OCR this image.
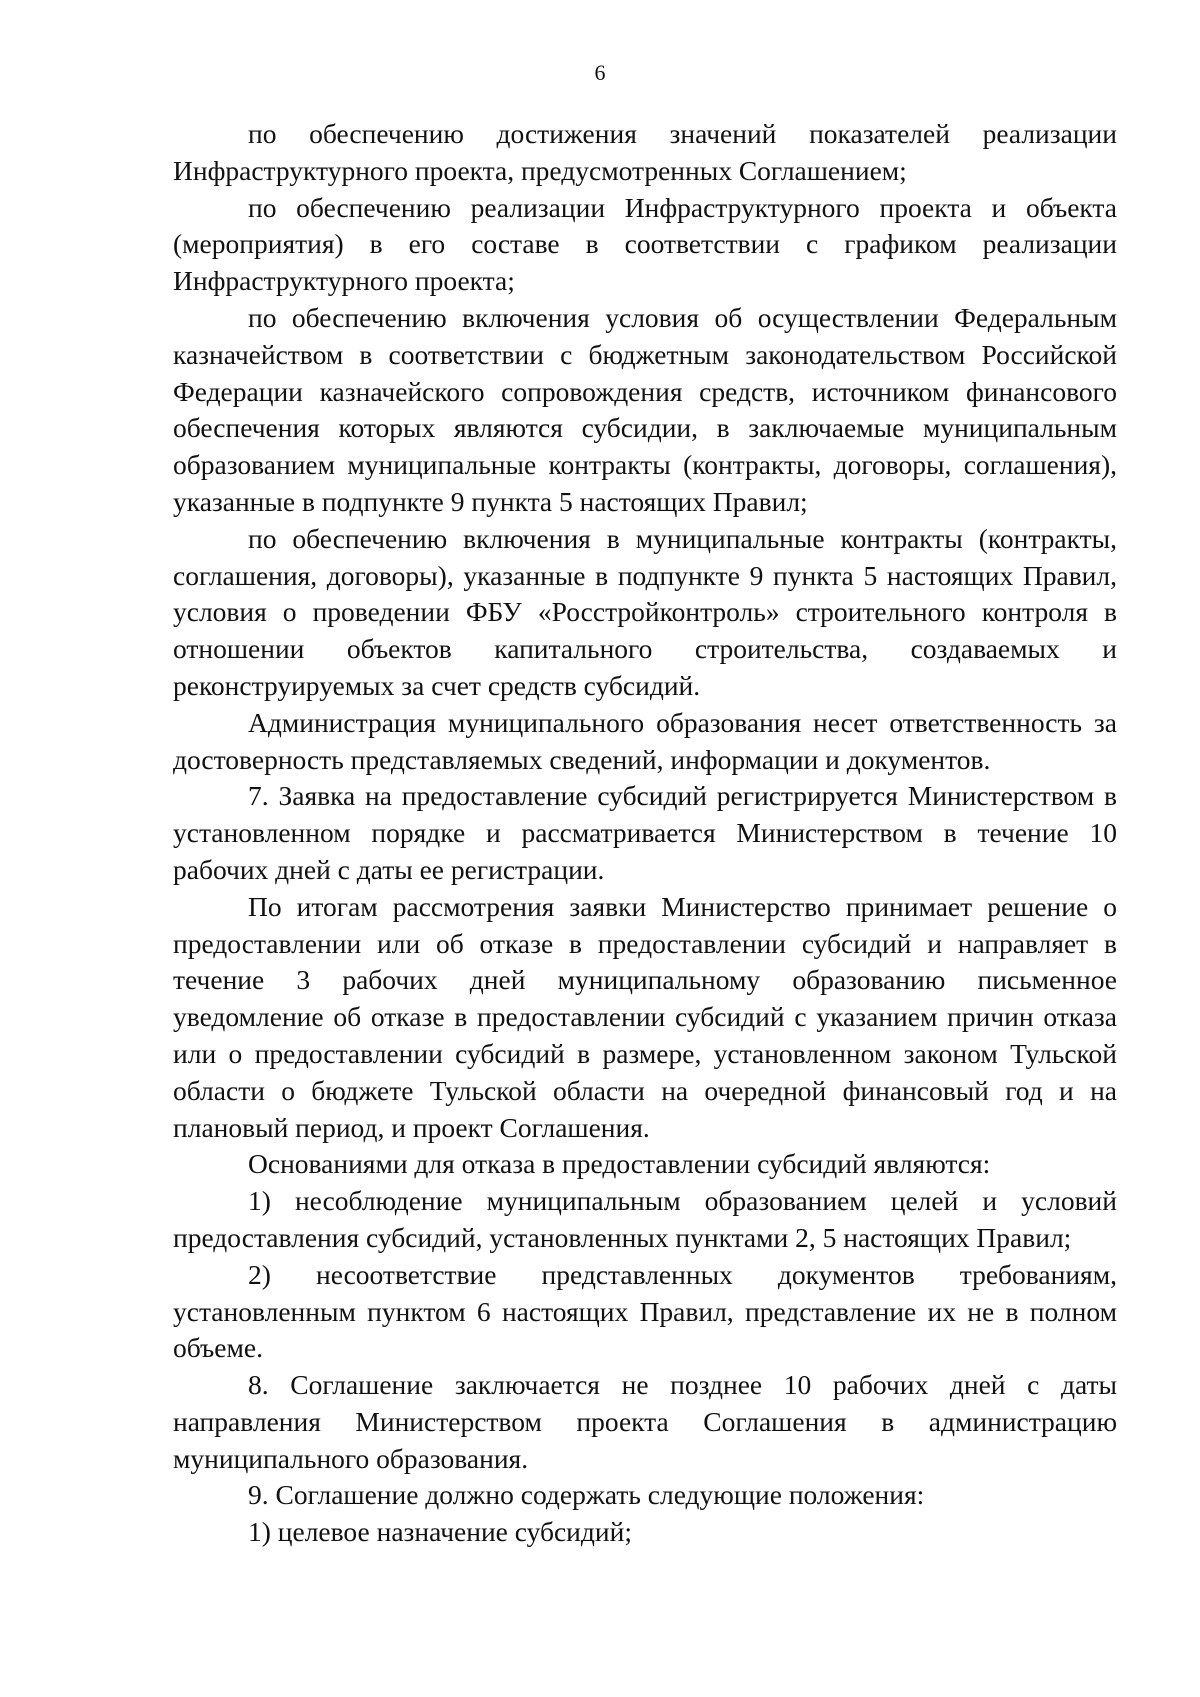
6

по обеспечению достижения значений показателей реализации Инфраструктурного проекта, предусмотренных Соглашением;

по обеспечению реализации Инфраструктурного проекта и объекта (мероприятия) в его составе в соответствии с графиком реализации Инфраструктурного проекта;

по обеспечению включения условия об осуществлении Федеральным казначейством в соответствии с бюджетным законодательством Российской Федерации казначейского сопровождения средств, источником финансового обеспечения которых являются субсидии, в заключаемые муниципальным образованием муниципальные контракты (контракты, договоры, соглашения), указанные в подпункте 9 пункта 5 настоящих Правил;

по обеспечению включения в муниципальные контракты (контракты, соглашения, договоры), указанные в подпункте 9 пункта 5 настоящих Правил, условия о проведении ФБУ «Росстройконтроль» строительного контроля в отношении объектов капитального строительства, создаваемых и реконструируемых за счет средств субсидий.

Администрация муниципального образования несет ответственность за достоверность представляемых сведений, информации и документов.

7. Заявка на предоставление субсидий регистрируется Министерством в установленном порядке и рассматривается Министерством в течение 10 рабочих дней с даты ее регистрации.

По итогам рассмотрения заявки Министерство принимает решение о предоставлении или об отказе в предоставлении субсидий и направляет в течение 3 рабочих дней муниципальному образованию письменное уведомление об отказе в предоставлении субсидий с указанием причин отказа или о предоставлении субсидий в размере, установленном законом Тульской области о бюджете Тульской области на очередной финансовый год и на плановый период, и проект Соглашения.

Основаниями для отказа в предоставлении субсидий являются:

1) несоблюдение муниципальным образованием целей и условий предоставления субсидий, установленных пунктами 2, 5 настоящих Правил;

2) несоответствие представленных документов требованиям, установленным пунктом 6 настоящих Правил, представление их не в полном объеме.

8. Соглашение заключается не позднее 10 рабочих дней с даты направления Министерством проекта Соглашения в администрацию муниципального образования.

9. Соглашение должно содержать следующие положения:

1) целевое назначение субсидий;
